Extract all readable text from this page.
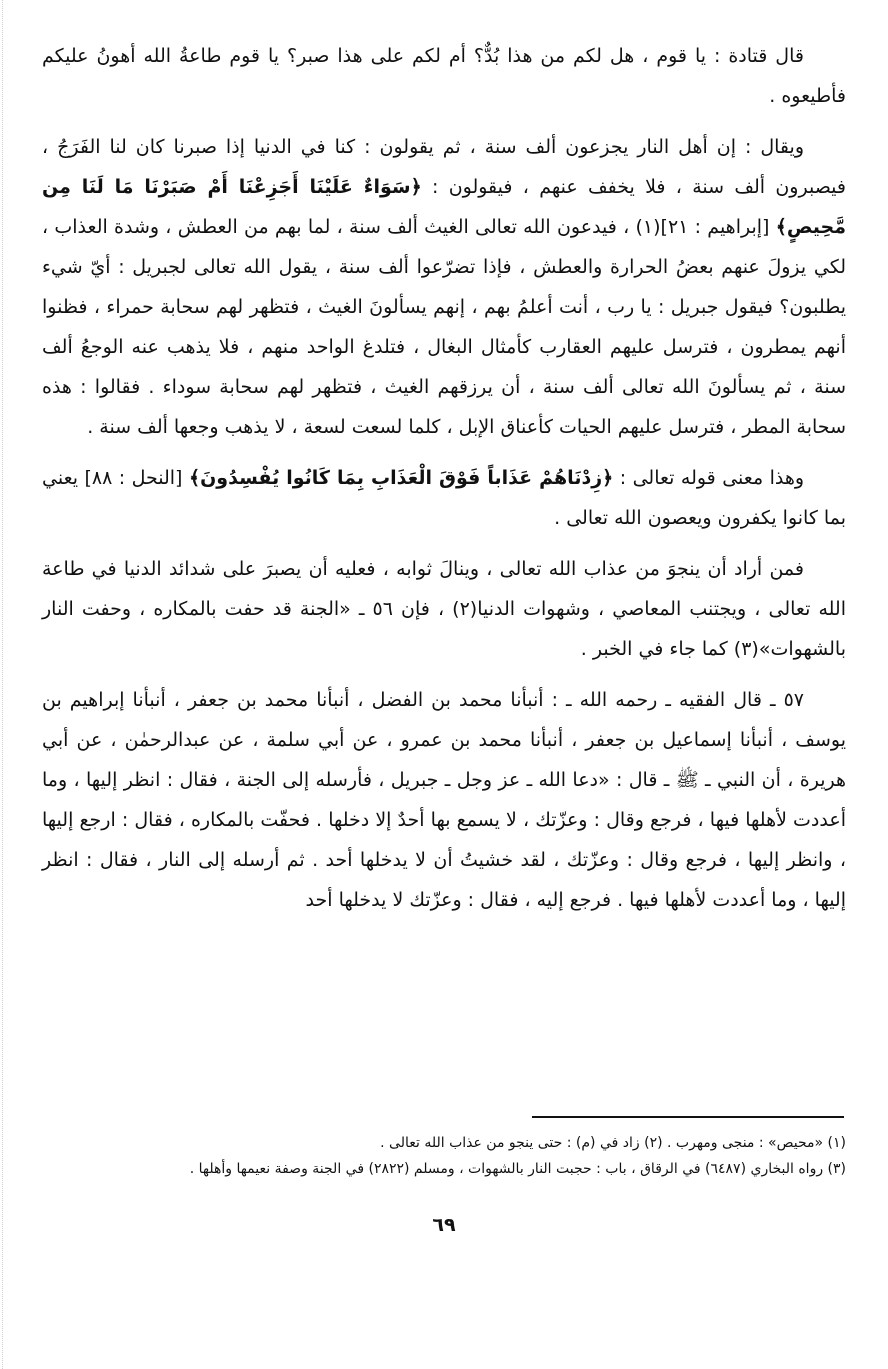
قال قتادة : يا قوم ، هل لكم من هذا بُدٌّ؟ أم لكم على هذا صبر؟ يا قوم طاعةُ الله أهونُ عليكم فأطيعوه .

ويقال : إن أهل النار يجزعون ألف سنة ، ثم يقولون : كنا في الدنيا إذا صبرنا كان لنا الفَرَجُ ، فيصبرون ألف سنة ، فلا يخفف عنهم ، فيقولون : ﴿سَوَاءٌ عَلَيْنَا أَجَزِعْنَا أَمْ صَبَرْنَا مَا لَنَا مِن مَّحِيصٍ﴾ [إبراهيم : ٢١](١) ، فيدعون الله تعالى الغيث ألف سنة ، لما بهم من العطش ، وشدة العذاب ، لكي يزولَ عنهم بعضُ الحرارة والعطش ، فإذا تضرّعوا ألف سنة ، يقول الله تعالى لجبريل : أيّ شيء يطلبون؟ فيقول جبريل : يا رب ، أنت أعلمُ بهم ، إنهم يسألونَ الغيث ، فتظهر لهم سحابة حمراء ، فظنوا أنهم يمطرون ، فترسل عليهم العقارب كأمثال البغال ، فتلدغ الواحد منهم ، فلا يذهب عنه الوجعُ ألف سنة ، ثم يسألونَ الله تعالى ألف سنة ، أن يرزقهم الغيث ، فتظهر لهم سحابة سوداء . فقالوا : هذه سحابة المطر ، فترسل عليهم الحيات كأعناق الإبل ، كلما لسعت لسعة ، لا يذهب وجعها ألف سنة .

وهذا معنى قوله تعالى : ﴿زِدْنَاهُمْ عَذَاباً فَوْقَ الْعَذَابِ بِمَا كَانُوا يُفْسِدُونَ﴾ [النحل : ٨٨] يعني بما كانوا يكفرون ويعصون الله تعالى .

فمن أراد أن ينجوَ من عذاب الله تعالى ، وينالَ ثوابه ، فعليه أن يصبرَ على شدائد الدنيا في طاعة الله تعالى ، ويجتنب المعاصي ، وشهوات الدنيا(٢) ، فإن ٥٦ ـ «الجنة قد حفت بالمكاره ، وحفت النار بالشهوات»(٣) كما جاء في الخبر .

٥٧ ـ قال الفقيه ـ رحمه الله ـ : أنبأنا محمد بن الفضل ، أنبأنا محمد بن جعفر ، أنبأنا إبراهيم بن يوسف ، أنبأنا إسماعيل بن جعفر ، أنبأنا محمد بن عمرو ، عن أبي سلمة ، عن عبدالرحمٰن ، عن أبي هريرة ، أن النبي ـ ﷺ ـ قال : «دعا الله ـ عز وجل ـ جبريل ، فأرسله إلى الجنة ، فقال : انظر إليها ، وما أعددت لأهلها فيها ، فرجع وقال : وعزّتك ، لا يسمع بها أحدٌ إلا دخلها . فحفّت بالمكاره ، فقال : ارجع إليها ، وانظر إليها ، فرجع وقال : وعزّتك ، لقد خشيتُ أن لا يدخلها أحد . ثم أرسله إلى النار ، فقال : انظر إليها ، وما أعددت لأهلها فيها . فرجع إليه ، فقال : وعزّتك لا يدخلها أحد

(١) «محيص» : منجى ومهرب . (٢) زاد في (م) : حتى ينجو من عذاب الله تعالى .

(٣) رواه البخاري (٦٤٨٧) في الرقاق ، باب : حجبت النار بالشهوات ، ومسلم (٢٨٢٢) في الجنة وصفة نعيمها وأهلها .

٦٩
